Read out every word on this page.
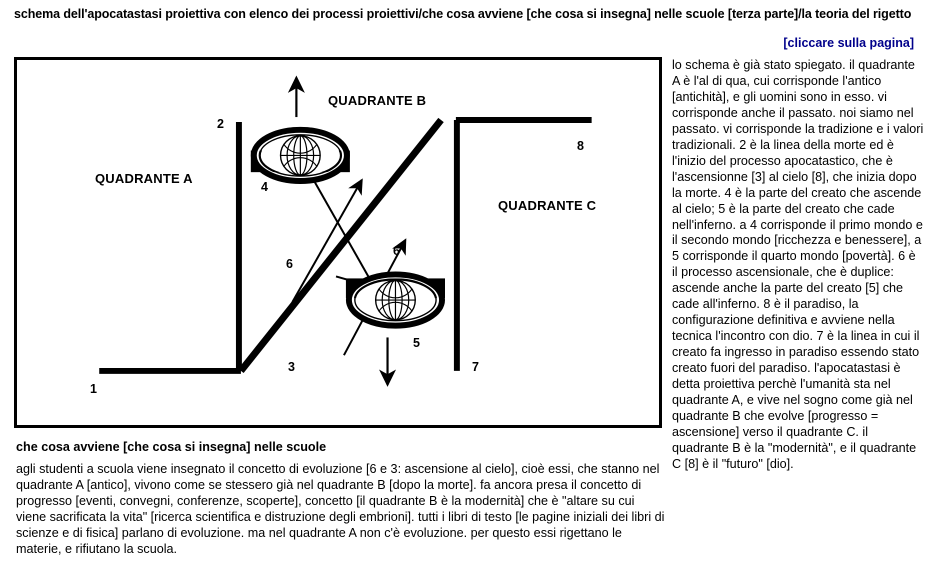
schema dell'apocatastasi proiettiva con elenco dei processi proiettivi/che cosa avviene [che cosa si insegna] nelle scuole [terza parte]/la teoria del rigetto
[cliccare sulla pagina]
QUADRANTE A
QUADRANTE B
QUADRANTE C
1
2
3
4
5
6
6
7
8

lo schema è già stato spiegato. il quadrante A è l'al di qua, cui corrisponde l'antico [antichità], e gli uomini sono in esso. vi corrisponde anche il passato. noi siamo nel passato. vi corrisponde la tradizione e i valori tradizionali. 2 è la linea della morte ed è l'inizio del processo apocatastico, che è l'ascensionne [3] al cielo [8], che inizia dopo la morte. 4 è la parte del creato che ascende al cielo; 5 è la parte del creato che cade nell'inferno. a 4 corrisponde il primo mondo e il secondo mondo [ricchezza e benessere], a 5 corrisponde il quarto mondo [povertà]. 6 è il processo ascensionale, che è duplice: ascende anche la parte del creato [5] che cade all'inferno. 8 è il paradiso, la configurazione definitiva e avviene nella tecnica l'incontro con dio. 7 è la linea in cui il creato fa ingresso in paradiso essendo stato creato fuori del paradiso. l'apocatastasi è detta proiettiva perchè l'umanità sta nel quadrante A, e vive nel sogno come già nel quadrante B che evolve [progresso = ascensione] verso il quadrante C. il quadrante B è la "modernità", e il quadrante C [8] è il "futuro" [dio].

che cosa avviene [che cosa si insegna] nelle scuole

agli studenti a scuola viene insegnato il concetto di evoluzione [6 e 3: ascensione al cielo], cioè essi, che stanno nel quadrante A [antico], vivono come se stessero già nel quadrante B [dopo la morte]. fa ancora presa il concetto di progresso [eventi, convegni, conferenze, scoperte], concetto [il quadrante B è la modernità] che è "altare su cui viene sacrificata la vita" [ricerca scientifica e distruzione degli embrioni]. tutti i libri di testo [le pagine iniziali dei libri di scienze e di fisica] parlano di evoluzione. ma nel quadrante A non c'è evoluzione. per questo essi rigettano le materie, e rifiutano la scuola.
